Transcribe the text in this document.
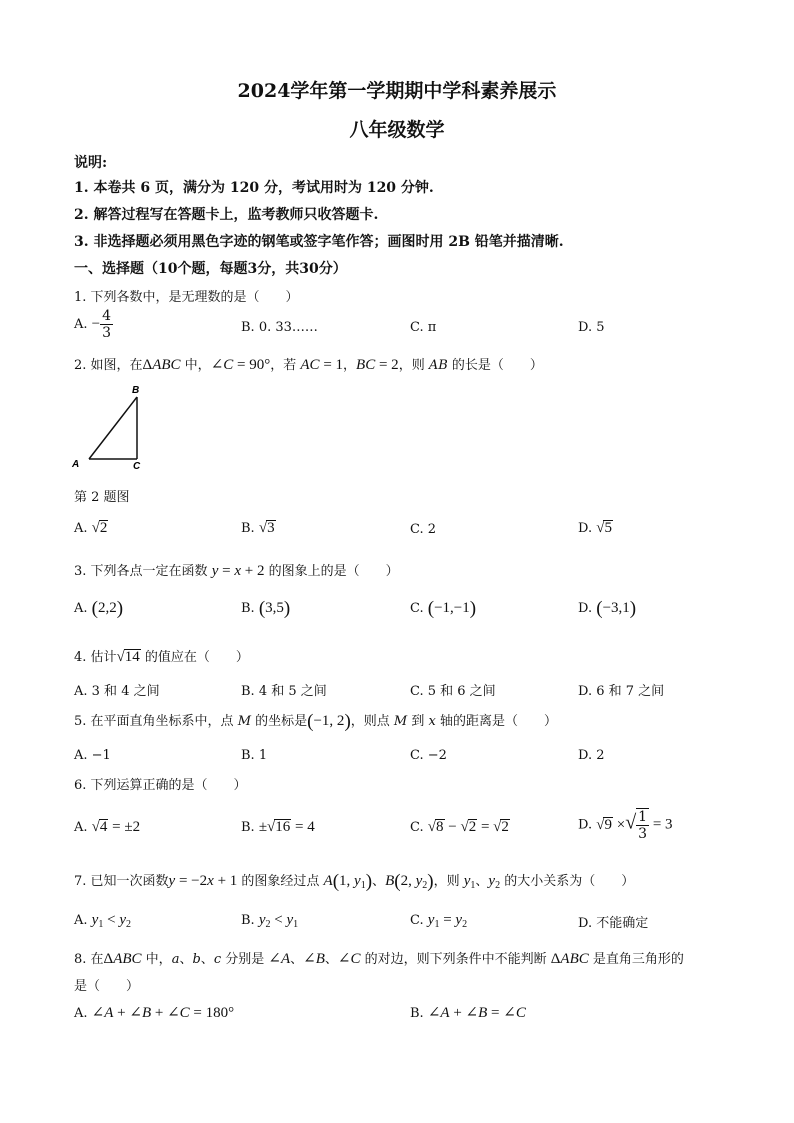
2024学年第一学期期中学科素养展示
八年级数学
说明:
1. 本卷共 6 页，满分为 120 分，考试用时为 120 分钟.
2. 解答过程写在答题卡上，监考教师只收答题卡.
3. 非选择题必须用黑色字迹的钢笔或签字笔作答；画图时用 2B 铅笔并描清晰.
一、选择题（10个题，每题3分，共30分）
1. 下列各数中，是无理数的是（　　）
A. − $\frac{4}{3}$	B. 0. 33……	C. π	D. 5
2. 如图，在ΔABC 中，∠C = 90°，若 AC = 1，BC = 2，则 AB 的长是（　　）
B
A	C
第 2 题图
A. √2	B. √3	C. 2	D. √5
3. 下列各点一定在函数 y = x + 2 的图象上的是（　　）
A. (2,2)	B. (3,5)	C. (−1,−1)	D. (−3,1)
4. 估计√14 的值应在（　　）
A. 3 和 4 之间	B. 4 和 5 之间	C. 5 和 6 之间	D. 6 和 7 之间
5. 在平面直角坐标系中，点 M 的坐标是(−1, 2)，则点 M 到 x 轴的距离是（　　）
A. −1	B. 1	C. −2	D. 2
6. 下列运算正确的是（　　）
A. √4 = ±2	B. ±√16 = 4	C. √8 − √2 = √2	D. √9 ×√ $\frac{1}{3} = 3$
7. 已知一次函数y = −2x + 1 的图象经过点 A(1, $y_1$)、B(2, $y_2$)，则 $y_1$、$y_2$ 的大小关系为（　　）
A. $y_1 < y_2$	B. $y_2 < y_1$	C. $y_1 = y_2$	D. 不能确定
8. 在ΔABC 中，a、b、c 分别是 ∠A、∠B、∠C 的对边，则下列条件中不能判断 ΔABC 是直角三角形的
是（　　）
A. ∠A + ∠B + ∠C = 180°	B. ∠A + ∠B = ∠C
